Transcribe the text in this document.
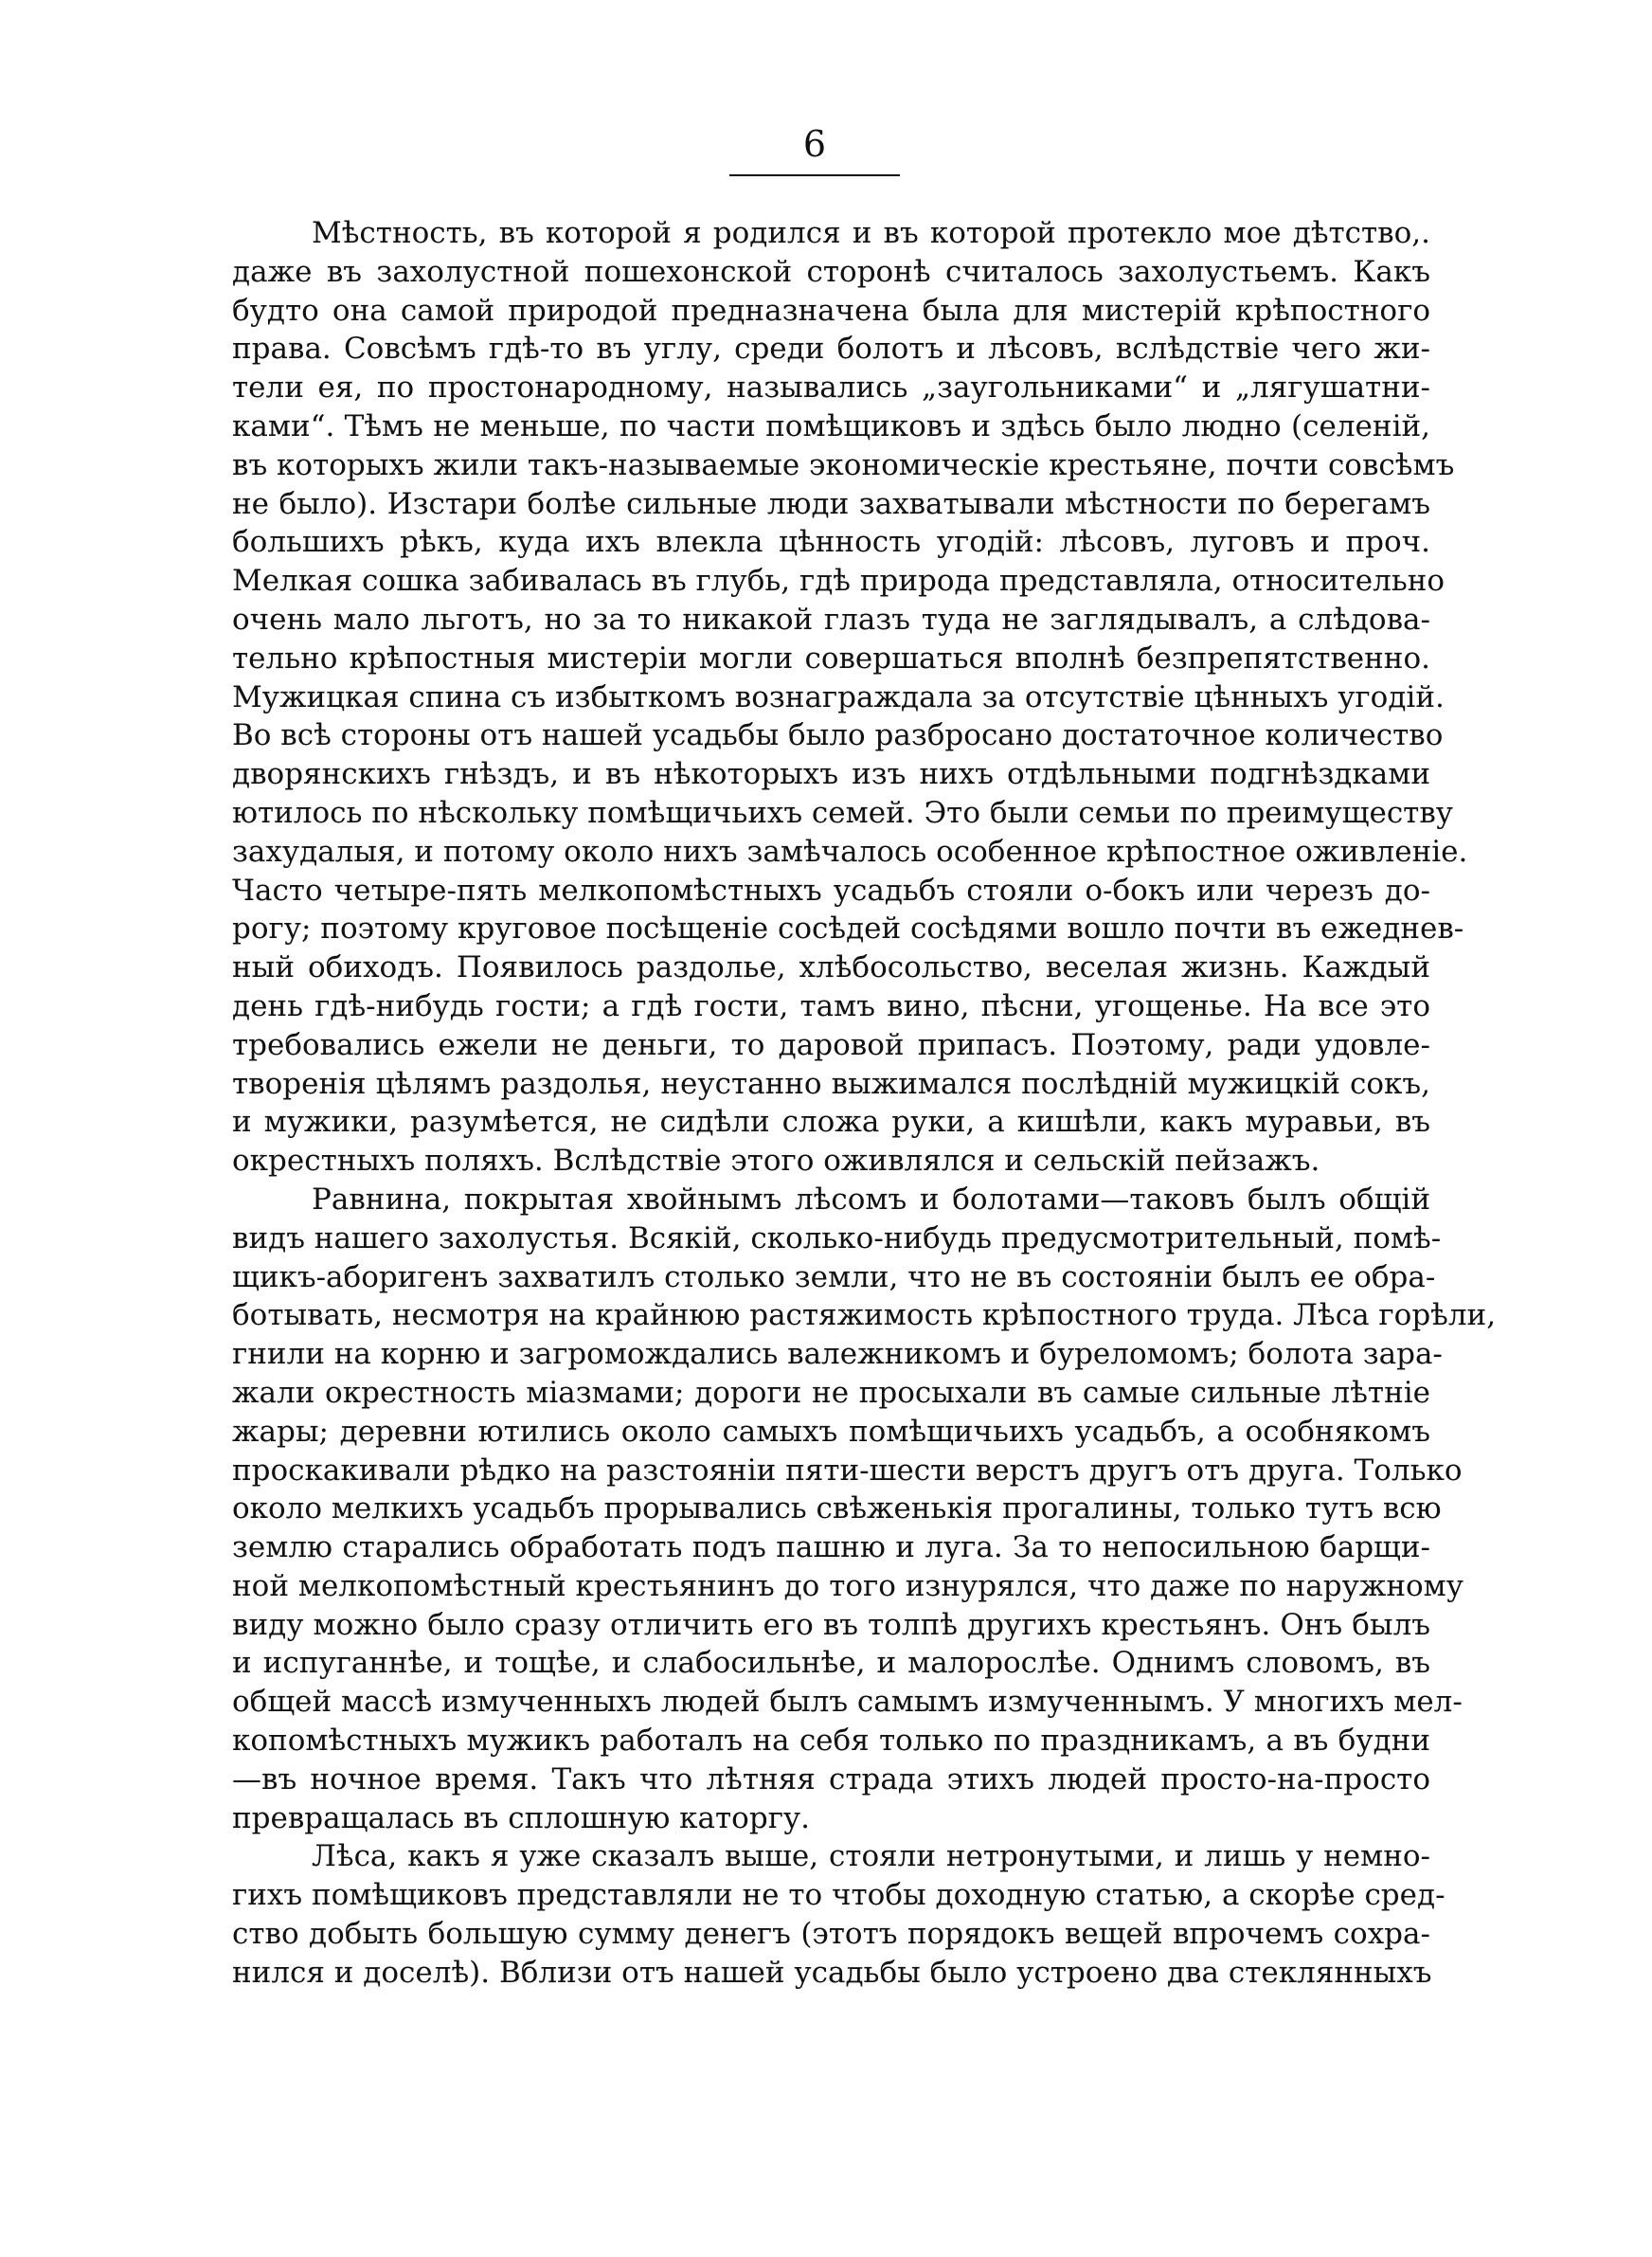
6
Мѣстность, въ которой я родился и въ которой протекло мое дѣтство,.
даже въ захолустной пошехонской сторонѣ считалось захолустьемъ. Какъ
будто она самой природой предназначена была для мистерій крѣпостного
права. Совсѣмъ гдѣ-то въ углу, среди болотъ и лѣсовъ, вслѣдствіе чего жи-
тели ея, по простонародному, назывались „заугольниками“ и „лягушатни-
ками“. Тѣмъ не меньше, по части помѣщиковъ и здѣсь было людно (селеній,
въ которыхъ жили такъ-называемые экономическіе крестьяне, почти совсѣмъ
не было). Изстари болѣе сильные люди захватывали мѣстности по берегамъ
большихъ рѣкъ, куда ихъ влекла цѣнность угодій: лѣсовъ, луговъ и проч.
Мелкая сошка забивалась въ глубь, гдѣ природа представляла, относительно
очень мало льготъ, но за то никакой глазъ туда не заглядывалъ, а слѣдова-
тельно крѣпостныя мистеріи могли совершаться вполнѣ безпрепятственно.
Мужицкая спина съ избыткомъ вознаграждала за отсутствіе цѣнныхъ угодій.
Во всѣ стороны отъ нашей усадьбы было разбросано достаточное количество
дворянскихъ гнѣздъ, и въ нѣкоторыхъ изъ нихъ отдѣльными подгнѣздками
ютилось по нѣскольку помѣщичьихъ семей. Это были семьи по преимуществу
захудалыя, и потому около нихъ замѣчалось особенное крѣпостное оживленіе.
Часто четыре-пять мелкопомѣстныхъ усадьбъ стояли о-бокъ или черезъ до-
рогу; поэтому круговое посѣщеніе сосѣдей сосѣдями вошло почти въ ежеднев-
ный обиходъ. Появилось раздолье, хлѣбосольство, веселая жизнь. Каждый
день гдѣ-нибудь гости; а гдѣ гости, тамъ вино, пѣсни, угощенье. На все это
требовались ежели не деньги, то даровой припасъ. Поэтому, ради удовле-
творенія цѣлямъ раздолья, неустанно выжимался послѣдній мужицкій сокъ,
и мужики, разумѣется, не сидѣли сложа руки, а кишѣли, какъ муравьи, въ
окрестныхъ поляхъ. Вслѣдствіе этого оживлялся и сельскій пейзажъ.
Равнина, покрытая хвойнымъ лѣсомъ и болотами—таковъ былъ общій
видъ нашего захолустья. Всякій, сколько-нибудь предусмотрительный, помѣ-
щикъ-аборигенъ захватилъ столько земли, что не въ состояніи былъ ее обра-
ботывать, несмотря на крайнюю растяжимость крѣпостного труда. Лѣса горѣли,
гнили на корню и загромождались валежникомъ и буреломомъ; болота зара-
жали окрестность міазмами; дороги не просыхали въ самые сильные лѣтніе
жары; деревни ютились около самыхъ помѣщичьихъ усадьбъ, а особнякомъ
проскакивали рѣдко на разстояніи пяти-шести верстъ другъ отъ друга. Только
около мелкихъ усадьбъ прорывались свѣженькія прогалины, только тутъ всю
землю старались обработать подъ пашню и луга. За то непосильною барщи-
ной мелкопомѣстный крестьянинъ до того изнурялся, что даже по наружному
виду можно было сразу отличить его въ толпѣ другихъ крестьянъ. Онъ былъ
и испуганнѣе, и тощѣе, и слабосильнѣе, и малорослѣе. Однимъ словомъ, въ
общей массѣ измученныхъ людей былъ самымъ измученнымъ. У многихъ мел-
копомѣстныхъ мужикъ работалъ на себя только по праздникамъ, а въ будни
—въ ночное время. Такъ что лѣтняя страда этихъ людей просто-на-просто
превращалась въ сплошную каторгу.
Лѣса, какъ я уже сказалъ выше, стояли нетронутыми, и лишь у немно-
гихъ помѣщиковъ представляли не то чтобы доходную статью, а скорѣе сред-
ство добыть большую сумму денегъ (этотъ порядокъ вещей впрочемъ сохра-
нился и доселѣ). Вблизи отъ нашей усадьбы было устроено два стеклянныхъ
